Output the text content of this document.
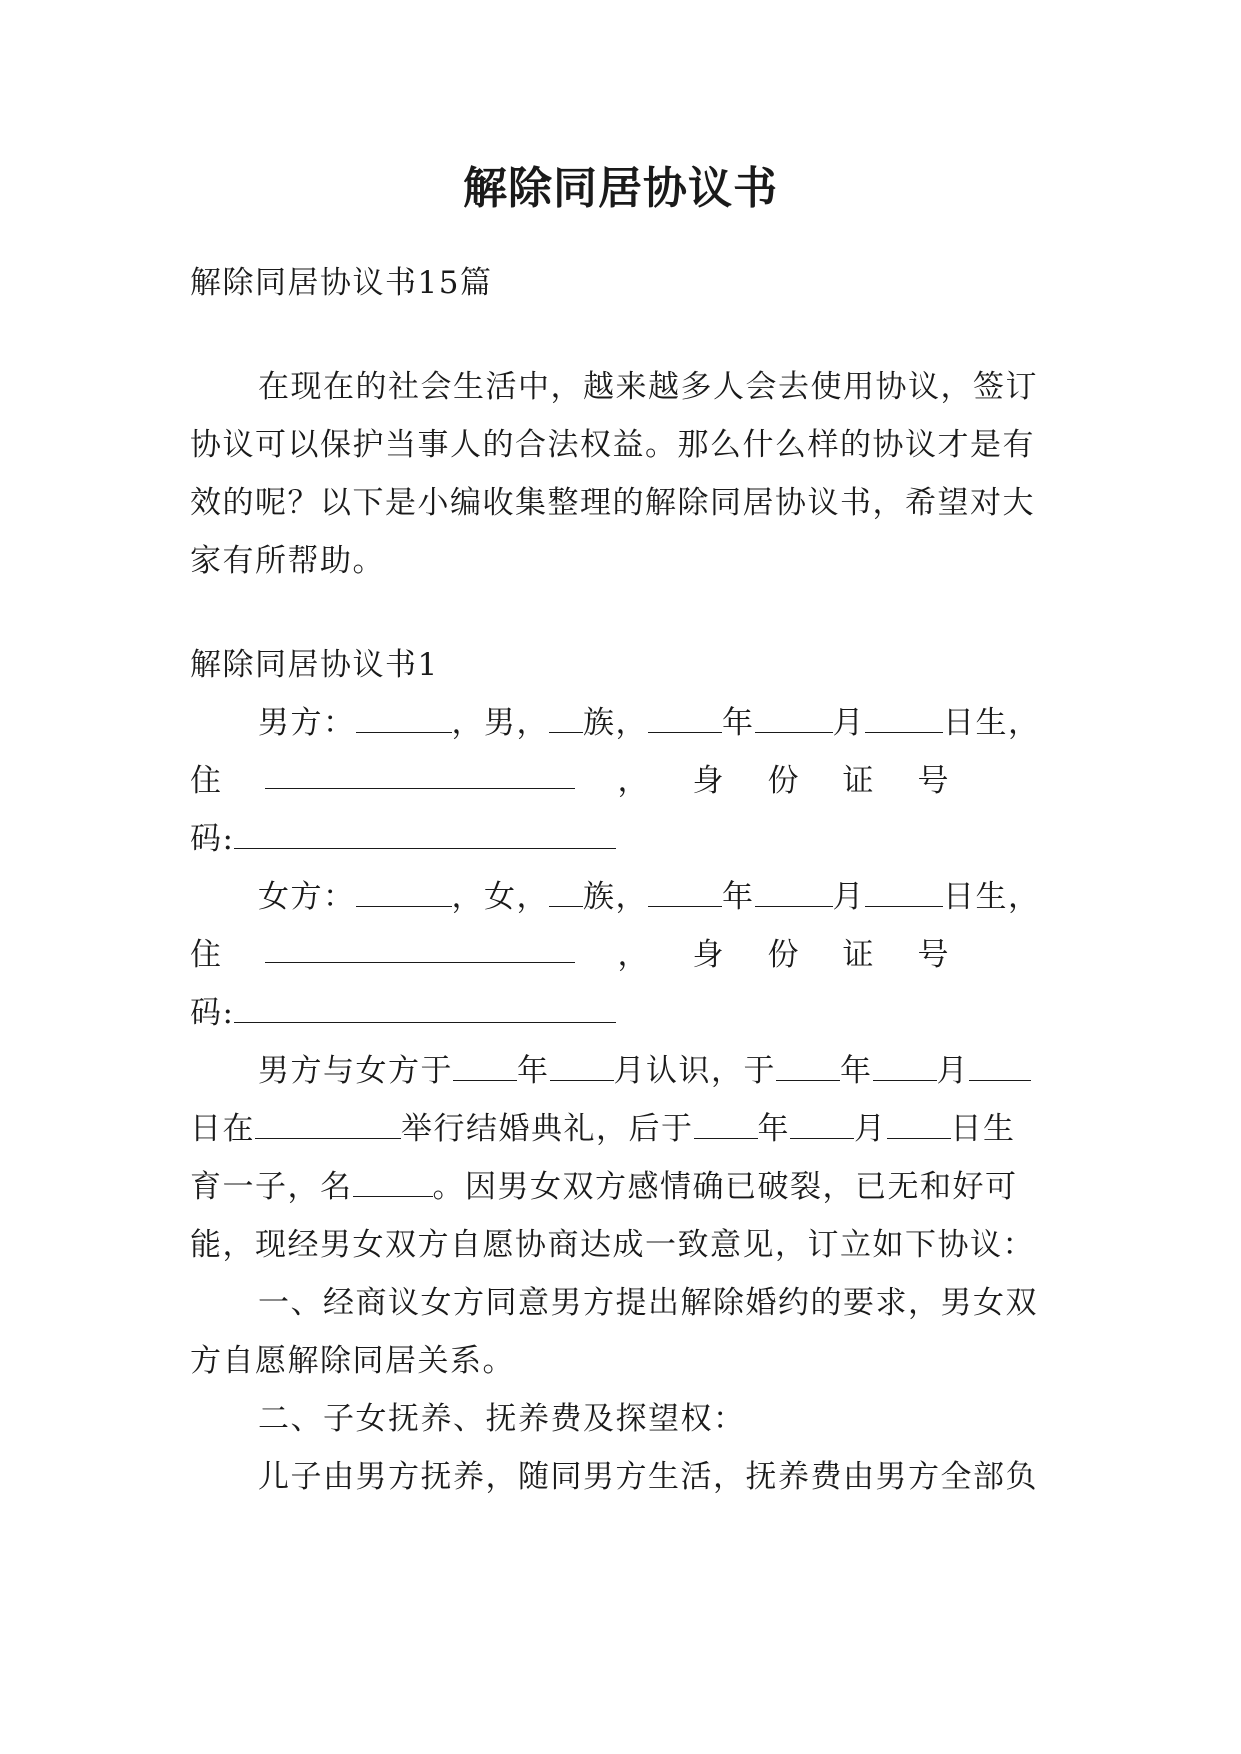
解除同居协议书
解除同居协议书15篇
在现在的社会生活中，越来越多人会去使用协议，签订
协议可以保护当事人的合法权益。那么什么样的协议才是有
效的呢？以下是小编收集整理的解除同居协议书，希望对大
家有所帮助。
解除同居协议书1
男方：	，男， 族， 年	月	日生，
住	， 身 份 证 号
码:
女方：	，女， 族， 年	月	日生，
住	， 身 份 证 号
码:
男方与女方于 年 月认识，于 年 月
日在	举行结婚典礼，后于 年 月 日生
育一子，名	。因男女双方感情确已破裂，已无和好可
能，现经男女双方自愿协商达成一致意见，订立如下协议：
一、经商议女方同意男方提出解除婚约的要求，男女双
方自愿解除同居关系。
二、子女抚养、抚养费及探望权：
儿子由男方抚养，随同男方生活，抚养费由男方全部负
